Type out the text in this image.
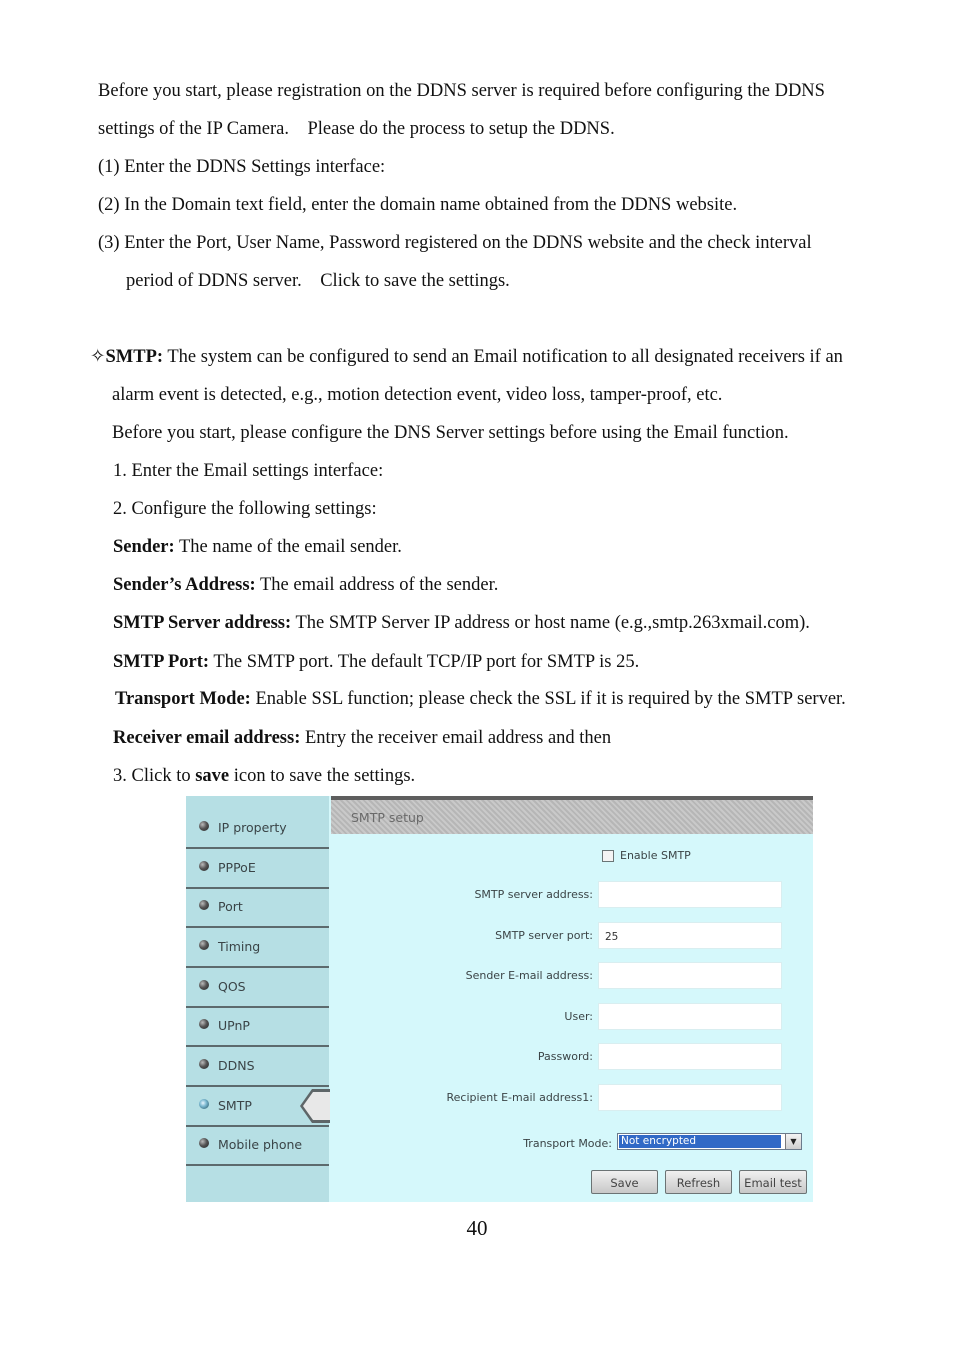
Before you start, please registration on the DDNS server is required before configuring the DDNS
settings of the IP Camera.    Please do the process to setup the DDNS.
(1) Enter the DDNS Settings interface:
(2) In the Domain text field, enter the domain name obtained from the DDNS website.
(3) Enter the Port, User Name, Password registered on the DDNS website and the check interval
period of DDNS server.    Click to save the settings.
✧SMTP: The system can be configured to send an Email notification to all designated receivers if an
alarm event is detected, e.g., motion detection event, video loss, tamper-proof, etc.
Before you start, please configure the DNS Server settings before using the Email function.
1. Enter the Email settings interface:
2. Configure the following settings:
Sender: The name of the email sender.
Sender’s Address: The email address of the sender.
SMTP Server address: The SMTP Server IP address or host name (e.g.,smtp.263xmail.com).
SMTP Port: The SMTP port. The default TCP/IP port for SMTP is 25.
Transport Mode: Enable SSL function; please check the SSL if it is required by the SMTP server.
Receiver email address: Entry the receiver email address and then
3. Click to save icon to save the settings.
IP property
PPPoE
Port
Timing
QOS
UPnP
DDNS
SMTP
Mobile phone
SMTP setup
Enable SMTP
SMTP server address:
SMTP server port:	25
Sender E-mail address:
User:
Password:
Recipient E-mail address1:
Transport Mode: Not encrypted	▼
Save	Refresh	Email test
40
